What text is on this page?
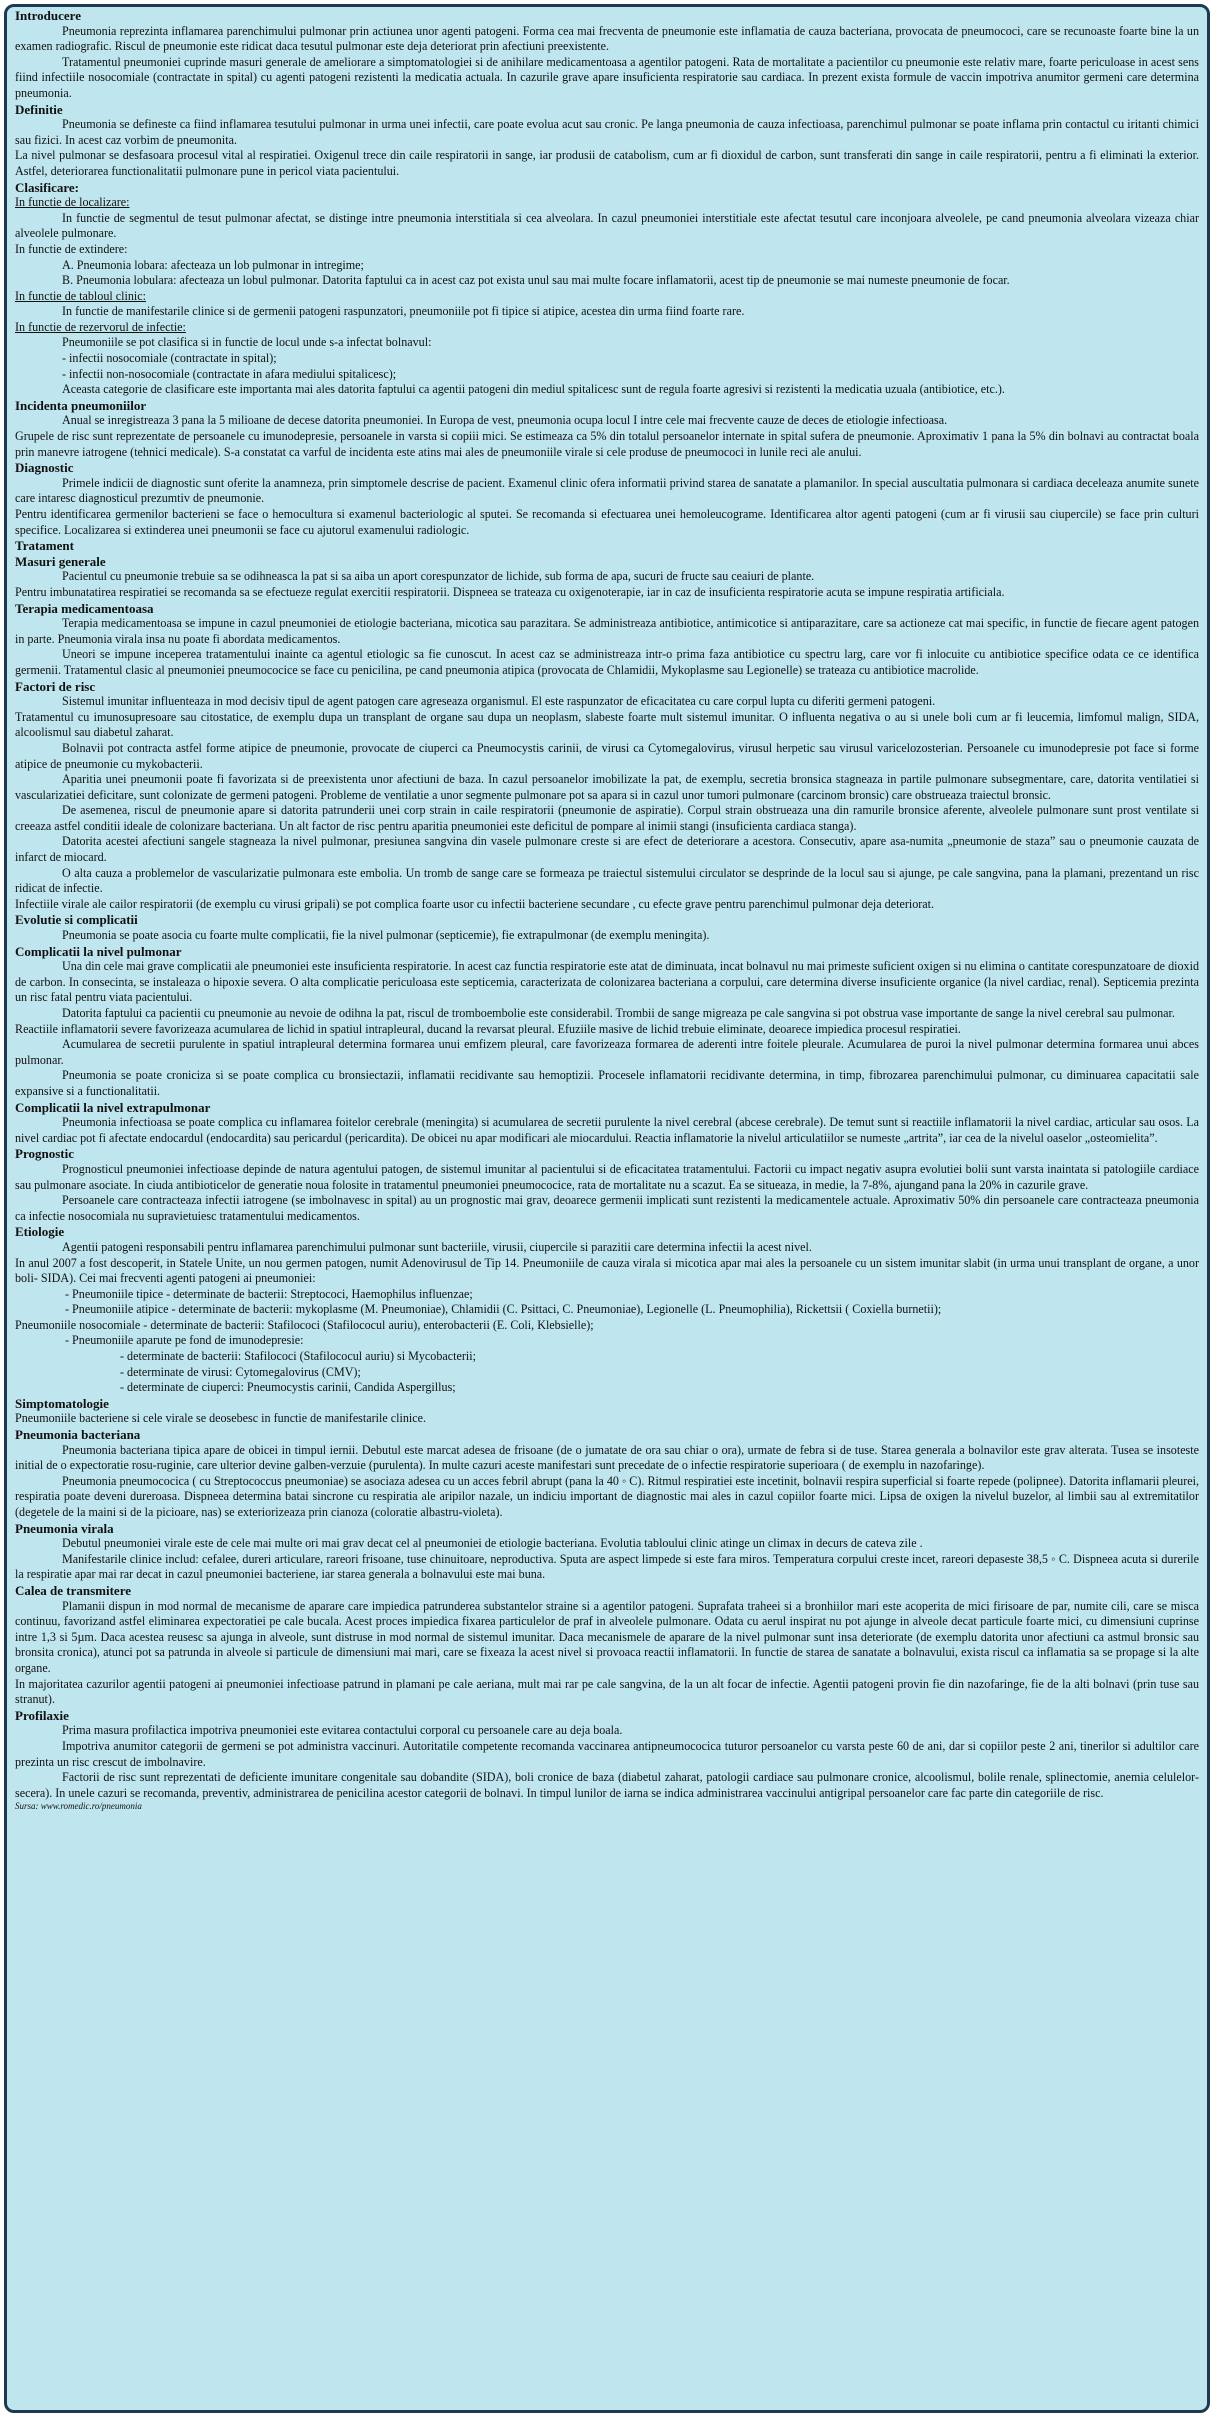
Introducere

Pneumonia reprezinta inflamarea parenchimului pulmonar prin actiunea unor agenti patogeni. Forma cea mai frecventa de pneumonie este inflamatia de cauza bacteriana, provocata de pneumococi, care se recunoaste foarte bine la un examen radiografic. Riscul de pneumonie este ridicat daca tesutul pulmonar este deja deteriorat prin afectiuni preexistente.

Tratamentul pneumoniei cuprinde masuri generale de ameliorare a simptomatologiei si de anihilare medicamentoasa a agentilor patogeni. Rata de mortalitate a pacientilor cu pneumonie este relativ mare, foarte periculoase in acest sens fiind infectiile nosocomiale (contractate in spital) cu agenti patogeni rezistenti la medicatia actuala. In cazurile grave apare insuficienta respiratorie sau cardiaca. In prezent exista formule de vaccin impotriva anumitor germeni care determina pneumonia.

Definitie

Pneumonia se defineste ca fiind inflamarea tesutului pulmonar in urma unei infectii, care poate evolua acut sau cronic. Pe langa pneumonia de cauza infectioasa, parenchimul pulmonar se poate inflama prin contactul cu iritanti chimici sau fizici. In acest caz vorbim de pneumonita.

La nivel pulmonar se desfasoara procesul vital al respiratiei. Oxigenul trece din caile respiratorii in sange, iar produsii de catabolism, cum ar fi dioxidul de carbon, sunt transferati din sange in caile respiratorii, pentru a fi eliminati la exterior. Astfel, deteriorarea functionalitatii pulmonare pune in pericol viata pacientului.

Clasificare:

In functie de localizare:

In functie de segmentul de tesut pulmonar afectat, se distinge intre pneumonia interstitiala si cea alveolara. In cazul pneumoniei interstitiale este afectat tesutul care inconjoara alveolele, pe cand pneumonia alveolara vizeaza chiar alveolele pulmonare.

In functie de extindere:

A. Pneumonia lobara: afecteaza un lob pulmonar in intregime;

B. Pneumonia lobulara: afecteaza un lobul pulmonar. Datorita faptului ca in acest caz pot exista unul sau mai multe focare inflamatorii, acest tip de pneumonie se mai numeste pneumonie de focar.

In functie de tabloul clinic:

In functie de manifestarile clinice si de germenii patogeni raspunzatori, pneumoniile pot fi tipice si atipice, acestea din urma fiind foarte rare.

In functie de rezervorul de infectie:

Pneumoniile se pot clasifica si in functie de locul unde s-a infectat bolnavul:

- infectii nosocomiale (contractate in spital);

- infectii non-nosocomiale (contractate in afara mediului spitalicesc);

Aceasta categorie de clasificare este importanta mai ales datorita faptului ca agentii patogeni din mediul spitalicesc sunt de regula foarte agresivi si rezistenti la medicatia uzuala (antibiotice, etc.).

Incidenta pneumoniilor

Anual se inregistreaza 3 pana la 5 milioane de decese datorita pneumoniei. In Europa de vest, pneumonia ocupa locul I intre cele mai frecvente cauze de deces de etiologie infectioasa.

Grupele de risc sunt reprezentate de persoanele cu imunodepresie, persoanele in varsta si copiii mici. Se estimeaza ca 5% din totalul persoanelor internate in spital sufera de pneumonie. Aproximativ 1 pana la 5% din bolnavi au contractat boala prin manevre iatrogene (tehnici medicale). S-a constatat ca varful de incidenta este atins mai ales de pneumoniile virale si cele produse de pneumococi in lunile reci ale anului.

Diagnostic

Primele indicii de diagnostic sunt oferite la anamneza, prin simptomele descrise de pacient. Examenul clinic ofera informatii privind starea de sanatate a plamanilor. In special auscultatia pulmonara si cardiaca deceleaza anumite sunete care intaresc diagnosticul prezumtiv de pneumonie.

Pentru identificarea germenilor bacterieni se face o hemocultura si examenul bacteriologic al sputei. Se recomanda si efectuarea unei hemoleucograme. Identificarea altor agenti patogeni (cum ar fi virusii sau ciupercile) se face prin culturi specifice. Localizarea si extinderea unei pneumonii se face cu ajutorul examenului radiologic.

Tratament

Masuri generale

Pacientul cu pneumonie trebuie sa se odihneasca la pat si sa aiba un aport corespunzator de lichide, sub forma de apa, sucuri de fructe sau ceaiuri de plante.

Pentru imbunatatirea respiratiei se recomanda sa se efectueze regulat exercitii respiratorii. Dispneea se trateaza cu oxigenoterapie, iar in caz de insuficienta respiratorie acuta se impune respiratia artificiala.

Terapia medicamentoasa

Terapia medicamentoasa se impune in cazul pneumoniei de etiologie bacteriana, micotica sau parazitara. Se administreaza antibiotice, antimicotice si antiparazitare, care sa actioneze cat mai specific, in functie de fiecare agent patogen in parte. Pneumonia virala insa nu poate fi abordata medicamentos.

Uneori se impune inceperea tratamentului inainte ca agentul etiologic sa fie cunoscut. In acest caz se administreaza intr-o prima faza antibiotice cu spectru larg, care vor fi inlocuite cu antibiotice specifice odata ce ce identifica germenii. Tratamentul clasic al pneumoniei pneumococice se face cu penicilina, pe cand pneumonia atipica (provocata de Chlamidii, Mykoplasme sau Legionelle) se trateaza cu antibiotice macrolide.

Factori de risc

Sistemul imunitar influenteaza in mod decisiv tipul de agent patogen care agreseaza organismul. El este raspunzator de eficacitatea cu care corpul lupta cu diferiti germeni patogeni.

Tratamentul cu imunosupresoare sau citostatice, de exemplu dupa un transplant de organe sau dupa un neoplasm, slabeste foarte mult sistemul imunitar. O influenta negativa o au si unele boli cum ar fi leucemia, limfomul malign, SIDA, alcoolismul sau diabetul zaharat.

Bolnavii pot contracta astfel forme atipice de pneumonie, provocate de ciuperci ca Pneumocystis carinii, de virusi ca Cytomegalovirus, virusul herpetic sau virusul varicelozosterian. Persoanele cu imunodepresie pot face si forme atipice de pneumonie cu mykobacterii.

Aparitia unei pneumonii poate fi favorizata si de preexistenta unor afectiuni de baza. In cazul persoanelor imobilizate la pat, de exemplu, secretia bronsica stagneaza in partile pulmonare subsegmentare, care, datorita ventilatiei si vascularizatiei deficitare, sunt colonizate de germeni patogeni. Probleme de ventilatie a unor segmente pulmonare pot sa apara si in cazul unor tumori pulmonare (carcinom bronsic) care obstrueaza traiectul bronsic.

De asemenea, riscul de pneumonie apare si datorita patrunderii unei corp strain in caile respiratorii (pneumonie de aspiratie). Corpul strain obstrueaza una din ramurile bronsice aferente, alveolele pulmonare sunt prost ventilate si creeaza astfel conditii ideale de colonizare bacteriana. Un alt factor de risc pentru aparitia pneumoniei este deficitul de pompare al inimii stangi (insuficienta cardiaca stanga).

Datorita acestei afectiuni sangele stagneaza la nivel pulmonar, presiunea sangvina din vasele pulmonare creste si are efect de deteriorare a acestora. Consecutiv, apare asa-numita „pneumonie de staza” sau o pneumonie cauzata de infarct de miocard.

O alta cauza a problemelor de vascularizatie pulmonara este embolia. Un tromb de sange care se formeaza pe traiectul sistemului circulator se desprinde de la locul sau si ajunge, pe cale sangvina, pana la plamani, prezentand un risc ridicat de infectie.

Infectiile virale ale cailor respiratorii (de exemplu cu virusi gripali) se pot complica foarte usor cu infectii bacteriene secundare , cu efecte grave pentru parenchimul pulmonar deja deteriorat.

Evolutie si complicatii

Pneumonia se poate asocia cu foarte multe complicatii, fie la nivel pulmonar (septicemie), fie extrapulmonar (de exemplu meningita).

Complicatii la nivel pulmonar

Una din cele mai grave complicatii ale pneumoniei este insuficienta respiratorie. In acest caz functia respiratorie este atat de diminuata, incat bolnavul nu mai primeste suficient oxigen si nu elimina o cantitate corespunzatoare de dioxid de carbon. In consecinta, se instaleaza o hipoxie severa. O alta complicatie periculoasa este septicemia, caracterizata de colonizarea bacteriana a corpului, care determina diverse insuficiente organice (la nivel cardiac, renal). Septicemia prezinta un risc fatal pentru viata pacientului.

Datorita faptului ca pacientii cu pneumonie au nevoie de odihna la pat, riscul de tromboembolie este considerabil. Trombii de sange migreaza pe cale sangvina si pot obstrua vase importante de sange la nivel cerebral sau pulmonar.

Reactiile inflamatorii severe favorizeaza acumularea de lichid in spatiul intrapleural, ducand la revarsat pleural. Efuziile masive de lichid trebuie eliminate, deoarece impiedica procesul respiratiei.

Acumularea de secretii purulente in spatiul intrapleural determina formarea unui emfizem pleural, care favorizeaza formarea de aderenti intre foitele pleurale. Acumularea de puroi la nivel pulmonar determina formarea unui abces pulmonar.

Pneumonia se poate croniciza si se poate complica cu bronsiectazii, inflamatii recidivante sau hemoptizii. Procesele inflamatorii recidivante determina, in timp, fibrozarea parenchimului pulmonar, cu diminuarea capacitatii sale expansive si a functionalitatii.

Complicatii la nivel extrapulmonar

Pneumonia infectioasa se poate complica cu inflamarea foitelor cerebrale (meningita) si acumularea de secretii purulente la nivel cerebral (abcese cerebrale). De temut sunt si reactiile inflamatorii la nivel cardiac, articular sau osos. La nivel cardiac pot fi afectate endocardul (endocardita) sau pericardul (pericardita). De obicei nu apar modificari ale miocardului. Reactia inflamatorie la nivelul articulatiilor se numeste „artrita”, iar cea de la nivelul oaselor „osteomielita”.

Prognostic

Prognosticul pneumoniei infectioase depinde de natura agentului patogen, de sistemul imunitar al pacientului si de eficacitatea tratamentului. Factorii cu impact negativ asupra evolutiei bolii sunt varsta inaintata si patologiile cardiace sau pulmonare asociate. In ciuda antibioticelor de generatie noua folosite in tratamentul pneumoniei pneumococice, rata de mortalitate nu a scazut. Ea se situeaza, in medie, la 7-8%, ajungand pana la 20% in cazurile grave.

Persoanele care contracteaza infectii iatrogene (se imbolnavesc in spital) au un prognostic mai grav, deoarece germenii implicati sunt rezistenti la medicamentele actuale. Aproximativ 50% din persoanele care contracteaza pneumonia ca infectie nosocomiala nu supravietuiesc tratamentului medicamentos.

Etiologie

Agentii patogeni responsabili pentru inflamarea parenchimului pulmonar sunt bacteriile, virusii, ciupercile si parazitii care determina infectii la acest nivel.

In anul 2007 a fost descoperit, in Statele Unite, un nou germen patogen, numit Adenovirusul de Tip 14. Pneumoniile de cauza virala si micotica apar mai ales la persoanele cu un sistem imunitar slabit (in urma unui transplant de organe, a unor boli- SIDA). Cei mai frecventi agenti patogeni ai pneumoniei:

- Pneumoniile tipice - determinate de bacterii: Streptococi, Haemophilus influenzae;

- Pneumoniile atipice - determinate de bacterii: mykoplasme (M. Pneumoniae), Chlamidii (C. Psittaci, C. Pneumoniae), Legionelle (L. Pneumophilia), Rickettsii ( Coxiella burnetii);

Pneumoniile nosocomiale - determinate de bacterii: Stafilococi (Stafilococul auriu), enterobacterii (E. Coli, Klebsielle);

- Pneumoniile aparute pe fond de imunodepresie:

- determinate de bacterii: Stafilococi (Stafilococul auriu) si Mycobacterii;

- determinate de virusi: Cytomegalovirus (CMV);

- determinate de ciuperci: Pneumocystis carinii, Candida Aspergillus;

Simptomatologie

Pneumoniile bacteriene si cele virale se deosebesc in functie de manifestarile clinice.

Pneumonia bacteriana

Pneumonia bacteriana tipica apare de obicei in timpul iernii. Debutul este marcat adesea de frisoane (de o jumatate de ora sau chiar o ora), urmate de febra si de tuse. Starea generala a bolnavilor este grav alterata. Tusea se insoteste initial de o expectoratie rosu-ruginie, care ulterior devine galben-verzuie (purulenta). In multe cazuri aceste manifestari sunt precedate de o infectie respiratorie superioara ( de exemplu in nazofaringe).

Pneumonia pneumococica ( cu Streptococcus pneumoniae) se asociaza adesea cu un acces febril abrupt (pana la 40 ◦ C). Ritmul respiratiei este incetinit, bolnavii respira superficial si foarte repede (polipnee). Datorita inflamarii pleurei, respiratia poate deveni dureroasa. Dispneea determina batai sincrone cu respiratia ale aripilor nazale, un indiciu important de diagnostic mai ales in cazul copiilor foarte mici. Lipsa de oxigen la nivelul buzelor, al limbii sau al extremitatilor (degetele de la maini si de la picioare, nas) se exteriorizeaza prin cianoza (coloratie albastru-violeta).

Pneumonia virala

Debutul pneumoniei virale este de cele mai multe ori mai grav decat cel al pneumoniei de etiologie bacteriana. Evolutia tabloului clinic atinge un climax in decurs de cateva zile .

Manifestarile clinice includ: cefalee, dureri articulare, rareori frisoane, tuse chinuitoare, neproductiva. Sputa are aspect limpede si este fara miros. Temperatura corpului creste incet, rareori depaseste 38,5 ◦ C. Dispneea acuta si durerile la respiratie apar mai rar decat in cazul pneumoniei bacteriene, iar starea generala a bolnavului este mai buna.

Calea de transmitere

Plamanii dispun in mod normal de mecanisme de aparare care impiedica patrunderea substantelor straine si a agentilor patogeni. Suprafata traheei si a bronhiilor mari este acoperita de mici firisoare de par, numite cili, care se misca continuu, favorizand astfel eliminarea expectoratiei pe cale bucala. Acest proces impiedica fixarea particulelor de praf in alveolele pulmonare. Odata cu aerul inspirat nu pot ajunge in alveole decat particule foarte mici, cu dimensiuni cuprinse intre 1,3 si 5µm. Daca acestea reusesc sa ajunga in alveole, sunt distruse in mod normal de sistemul imunitar. Daca mecanismele de aparare de la nivel pulmonar sunt insa deteriorate (de exemplu datorita unor afectiuni ca astmul bronsic sau bronsita cronica), atunci pot sa patrunda in alveole si particule de dimensiuni mai mari, care se fixeaza la acest nivel si provoaca reactii inflamatorii. In functie de starea de sanatate a bolnavului, exista riscul ca inflamatia sa se propage si la alte organe.

In majoritatea cazurilor agentii patogeni ai pneumoniei infectioase patrund in plamani pe cale aeriana, mult mai rar pe cale sangvina, de la un alt focar de infectie. Agentii patogeni provin fie din nazofaringe, fie de la alti bolnavi (prin tuse sau stranut).

Profilaxie

Prima masura profilactica impotriva pneumoniei este evitarea contactului corporal cu persoanele care au deja boala.

Impotriva anumitor categorii de germeni se pot administra vaccinuri. Autoritatile competente recomanda vaccinarea antipneumococica tuturor persoanelor cu varsta peste 60 de ani, dar si copiilor peste 2 ani, tinerilor si adultilor care prezinta un risc crescut de imbolnavire.

Factorii de risc sunt reprezentati de deficiente imunitare congenitale sau dobandite (SIDA), boli cronice de baza (diabetul zaharat, patologii cardiace sau pulmonare cronice, alcoolismul, bolile renale, splinectomie, anemia celulelor-secera). In unele cazuri se recomanda, preventiv, administrarea de penicilina acestor categorii de bolnavi. In timpul lunilor de iarna se indica administrarea vaccinului antigripal persoanelor care fac parte din categoriile de risc.

Sursa: www.romedic.ro/pneumonia
